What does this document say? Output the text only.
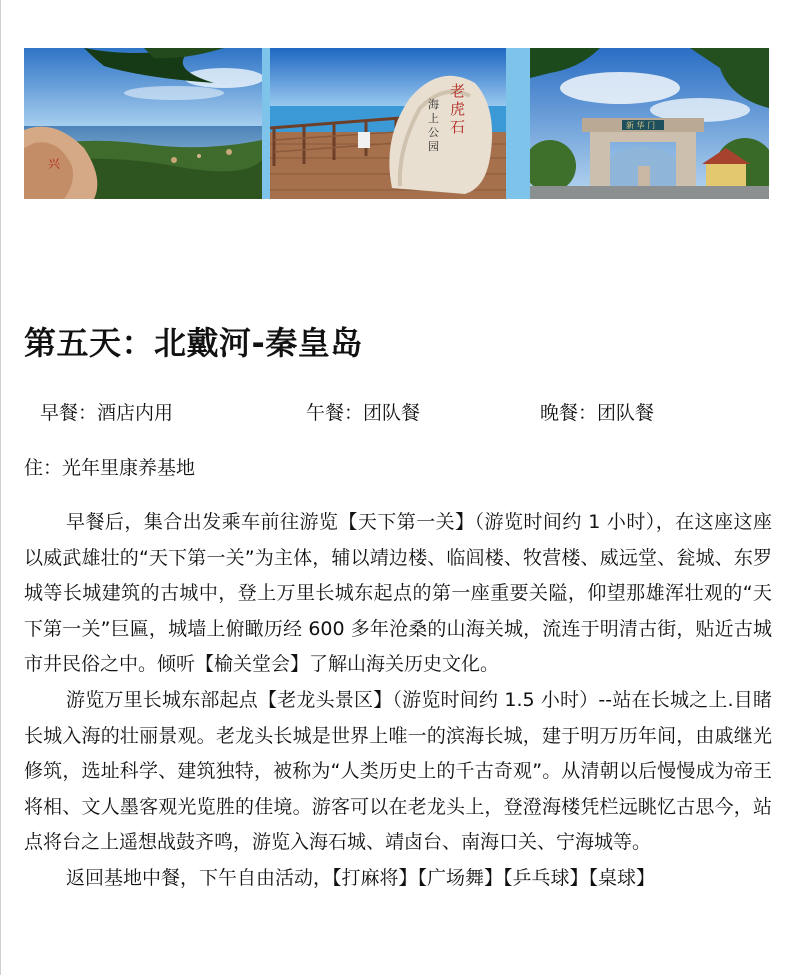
兴
老
虎
石
海
上
公
园
新 华 门
第五天：北戴河-秦皇岛
早餐：酒店内用	午餐：团队餐	晚餐：团队餐
住：光年里康养基地

早餐后，集合出发乘车前往游览【天下第一关】（游览时间约 1 小时），在这座这座以威武雄壮的“天下第一关”为主体，辅以靖边楼、临闾楼、牧营楼、威远堂、瓮城、东罗城等长城建筑的古城中，登上万里长城东起点的第一座重要关隘，仰望那雄浑壮观的“天下第一关”巨匾，城墙上俯瞰历经 600 多年沧桑的山海关城，流连于明清古街，贴近古城市井民俗之中。倾听【榆关堂会】了解山海关历史文化。

游览万里长城东部起点【老龙头景区】（游览时间约 1.5 小时）--站在长城之上.目睹长城入海的壮丽景观。老龙头长城是世界上唯一的滨海长城，建于明万历年间，由戚继光修筑，选址科学、建筑独特，被称为“人类历史上的千古奇观”。从清朝以后慢慢成为帝王将相、文人墨客观光览胜的佳境。游客可以在老龙头上，登澄海楼凭栏远眺忆古思今，站点将台之上遥想战鼓齐鸣，游览入海石城、靖卤台、南海口关、宁海城等。

返回基地中餐，下午自由活动，【打麻将】【广场舞】【乒乓球】【桌球】
